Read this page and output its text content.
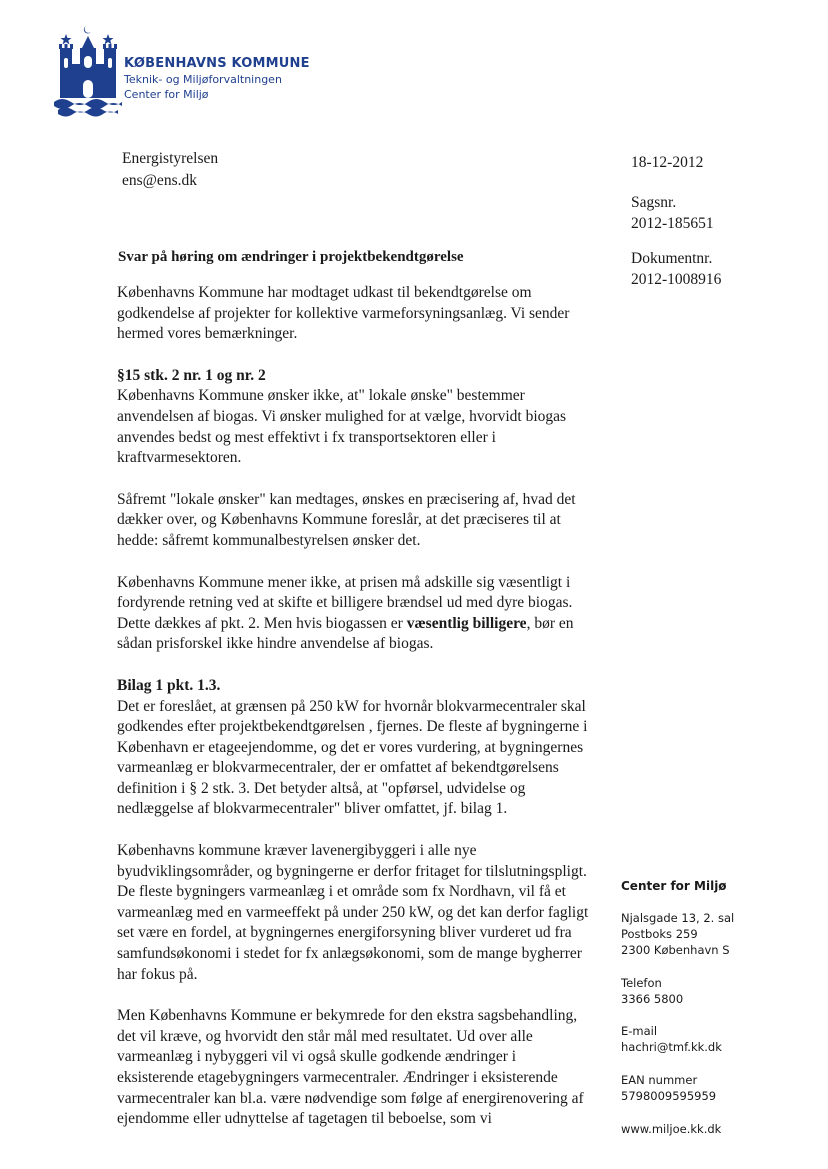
KØBENHAVNS KOMMUNE
Teknik- og Miljøforvaltningen
Center for Miljø
Energistyrelsen
ens@ens.dk
18-12-2012
Sagsnr.
2012-185651
Dokumentnr.
2012-1008916
Svar på høring om ændringer i projektbekendtgørelse

Københavns Kommune har modtaget udkast til bekendtgørelse om godkendelse af projekter for kollektive varmeforsyningsanlæg. Vi sender hermed vores bemærkninger.

§15 stk. 2 nr. 1 og nr. 2

Københavns Kommune ønsker ikke, at" lokale ønske" bestemmer anvendelsen af biogas. Vi ønsker mulighed for at vælge, hvorvidt biogas anvendes bedst og mest effektivt i fx transportsektoren eller i kraftvarmesektoren.

Såfremt "lokale ønsker" kan medtages, ønskes en præcisering af, hvad det dækker over, og Københavns Kommune foreslår, at det præciseres til at hedde: såfremt kommunalbestyrelsen ønsker det.

Københavns Kommune mener ikke, at prisen må adskille sig væsentligt i fordyrende retning ved at skifte et billigere brændsel ud med dyre biogas. Dette dækkes af pkt. 2. Men hvis biogassen er væsentlig billigere, bør en sådan prisforskel ikke hindre anvendelse af biogas.

Bilag 1 pkt. 1.3.

Det er foreslået, at grænsen på 250 kW for hvornår blokvarmecentraler skal godkendes efter projektbekendtgørelsen , fjernes. De fleste af bygningerne i København er etageejendomme, og det er vores vurdering, at bygningernes varmeanlæg er blokvarmecentraler, der er omfattet af bekendtgørelsens definition i § 2 stk. 3. Det betyder altså, at "opførsel, udvidelse og nedlæggelse af blokvarmecentraler" bliver omfattet, jf. bilag 1.

Københavns kommune kræver lavenergibyggeri i alle nye byudviklingsområder, og bygningerne er derfor fritaget for tilslutningspligt. De fleste bygningers varmeanlæg i et område som fx Nordhavn, vil få et varmeanlæg med en varmeeffekt på under 250 kW, og det kan derfor fagligt set være en fordel, at bygningernes energiforsyning bliver vurderet ud fra samfundsøkonomi i stedet for fx anlægsøkonomi, som de mange bygherrer har fokus på.

Men Københavns Kommune er bekymrede for den ekstra sagsbehandling, det vil kræve, og hvorvidt den står mål med resultatet. Ud over alle varmeanlæg i nybyggeri vil vi også skulle godkende ændringer i eksisterende etagebygningers varmecentraler. Ændringer i eksisterende varmecentraler kan bl.a. være nødvendige som følge af energirenovering af ejendomme eller udnyttelse af tagetagen til beboelse, som vi

Center for Miljø
Njalsgade 13, 2. sal
Postboks 259
2300 København S
Telefon
3366 5800
E-mail
hachri@tmf.kk.dk
EAN nummer
5798009595959
www.miljoe.kk.dk
